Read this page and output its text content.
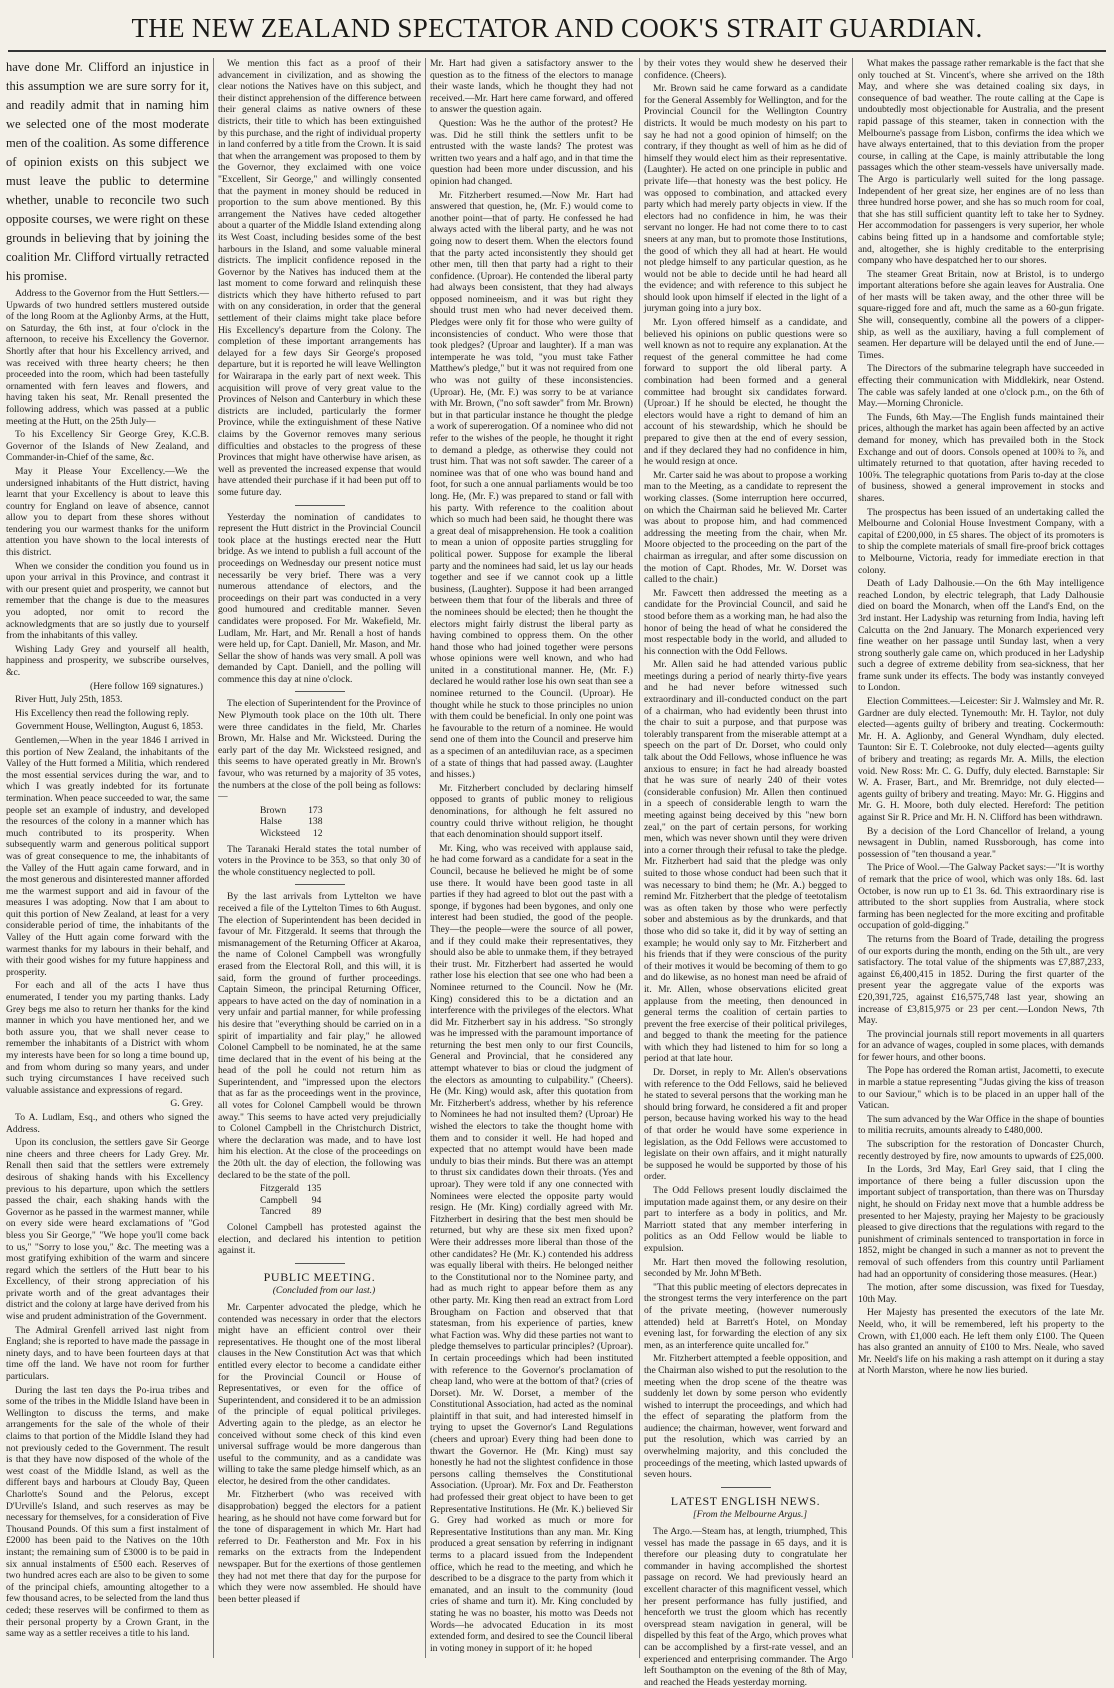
THE NEW ZEALAND SPECTATOR AND COOK'S STRAIT GUARDIAN.

have done Mr. Clifford an injustice in this assumption we are sure sorry for it, and readily admit that in naming him we selected one of the most moderate men of the coalition. As some difference of opinion exists on this subject we must leave the public to determine whether, unable to reconcile two such opposite courses, we were right on these grounds in believing that by joining the coalition Mr. Clifford virtually retracted his promise.

Address to the Governor from the Hutt Settlers.—Upwards of two hundred settlers mustered outside of the long Room at the Aglionby Arms, at the Hutt, on Saturday, the 6th inst, at four o'clock in the afternoon, to receive his Excellency the Governor. Shortly after that hour his Excellency arrived, and was received with three hearty cheers; he then proceeded into the room, which had been tastefully ornamented with fern leaves and flowers, and having taken his seat, Mr. Renall presented the following address, which was passed at a public meeting at the Hutt, on the 25th July—

To his Excellency Sir George Grey, K.C.B. Governor of the Islands of New Zealand, and Commander-in-Chief of the same, &c.

May it Please Your Excellency.—We the undersigned inhabitants of the Hutt district, having learnt that your Excellency is about to leave this country for England on leave of absence, cannot allow you to depart from these shores without tendering you our warmest thanks for the uniform attention you have shown to the local interests of this district.

When we consider the condition you found us in upon your arrival in this Province, and contrast it with our present quiet and prosperity, we cannot but remember that the change is due to the measures you adopted, nor omit to record the acknowledgments that are so justly due to yourself from the inhabitants of this valley.

Wishing Lady Grey and yourself all health, happiness and prosperity, we subscribe ourselves, &c.

(Here follow 169 signatures.)

River Hutt, July 25th, 1853.

His Excellency then read the following reply.

Government House, Wellington, August 6, 1853.

Gentlemen,—When in the year 1846 I arrived in this portion of New Zealand, the inhabitants of the Valley of the Hutt formed a Militia, which rendered the most essential services during the war, and to which I was greatly indebted for its fortunate termination. When peace succeeded to war, the same people set an example of industry, and developed the resources of the colony in a manner which has much contributed to its prosperity. When subsequently warm and generous political support was of great consequence to me, the inhabitants of the Valley of the Hutt again came forward, and in the most generous and disinterested manner afforded me the warmest support and aid in favour of the measures I was adopting. Now that I am about to quit this portion of New Zealand, at least for a very considerable period of time, the inhabitants of the Valley of the Hutt again come forward with the warmest thanks for my labours in their behalf, and with their good wishes for my future happiness and prosperity.

For each and all of the acts I have thus enumerated, I tender you my parting thanks. Lady Grey begs me also to return her thanks for the kind manner in which you have mentioned her, and we both assure you, that we shall never cease to remember the inhabitants of a District with whom my interests have been for so long a time bound up, and from whom during so many years, and under such trying circumstances I have received such valuable assistance and expressions of regard.

G. Grey.

To A. Ludlam, Esq., and others who signed the Address.

Upon its conclusion, the settlers gave Sir George nine cheers and three cheers for Lady Grey. Mr. Renall then said that the settlers were extremely desirous of shaking hands with his Excellency previous to his departure, upon which the settlers passed the chair, each shaking hands with the Governor as he passed in the warmest manner, while on every side were heard exclamations of "God bless you Sir George," "We hope you'll come back to us," "Sorry to lose you," &c. The meeting was a most gratifying exhibition of the warm and sincere regard which the settlers of the Hutt bear to his Excellency, of their strong appreciation of his private worth and of the great advantages their district and the colony at large have derived from his wise and prudent administration of the Government.

The Admiral Grenfell arrived last night from England; she is reported to have made the passage in ninety days, and to have been fourteen days at that time off the land. We have not room for further particulars.

During the last ten days the Po-irua tribes and some of the tribes in the Middle Island have been in Wellington to discuss the terms, and make arrangements for the sale of the whole of their claims to that portion of the Middle Island they had not previously ceded to the Government. The result is that they have now disposed of the whole of the west coast of the Middle Island, as well as the different bays and harbours at Cloudy Bay, Queen Charlotte's Sound and the Pelorus, except D'Urville's Island, and such reserves as may be necessary for themselves, for a consideration of Five Thousand Pounds. Of this sum a first instalment of £2000 has been paid to the Natives on the 10th instant; the remaining sum of £3000 is to be paid in six annual instalments of £500 each. Reserves of two hundred acres each are also to be given to some of the principal chiefs, amounting altogether to a few thousand acres, to be selected from the land thus ceded; these reserves will be confirmed to them as their personal property by a Crown Grant, in the same way as a settler receives a title to his land.

We mention this fact as a proof of their advancement in civilization, and as showing the clear notions the Natives have on this subject, and their distinct apprehension of the difference between their general claims as native owners of these districts, their title to which has been extinguished by this purchase, and the right of individual property in land conferred by a title from the Crown. It is said that when the arrangement was proposed to them by the Governor, they exclaimed with one voice "Excellent, Sir George," and willingly consented that the payment in money should be reduced in proportion to the sum above mentioned. By this arrangement the Natives have ceded altogether about a quarter of the Middle Island extending along its West Coast, including besides some of the best harbours in the Island, and some valuable mineral districts. The implicit confidence reposed in the Governor by the Natives has induced them at the last moment to come forward and relinquish these districts which they have hitherto refused to part with on any consideration, in order that the general settlement of their claims might take place before His Excellency's departure from the Colony. The completion of these important arrangements has delayed for a few days Sir George's proposed departure, but it is reported he will leave Wellington for Wairarapa in the early part of next week. This acquisition will prove of very great value to the Provinces of Nelson and Canterbury in which these districts are included, particularly the former Province, while the extinguishment of these Native claims by the Governor removes many serious difficulties and obstacles to the progress of these Provinces that might have otherwise have arisen, as well as prevented the increased expense that would have attended their purchase if it had been put off to some future day.

Yesterday the nomination of candidates to represent the Hutt district in the Provincial Council took place at the hustings erected near the Hutt bridge. As we intend to publish a full account of the proceedings on Wednesday our present notice must necessarily be very brief. There was a very numerous attendance of electors, and the proceedings on their part was conducted in a very good humoured and creditable manner. Seven candidates were proposed. For Mr. Wakefield, Mr. Ludlam, Mr. Hart, and Mr. Renall a host of hands were held up, for Capt. Daniell, Mr. Mason, and Mr. Sellar the show of hands was very small. A poll was demanded by Capt. Daniell, and the polling will commence this day at nine o'clock.

The election of Superintendent for the Province of New Plymouth took place on the 10th ult. There were three candidates in the field, Mr. Charles Brown, Mr. Halse and Mr. Wicksteed. During the early part of the day Mr. Wicksteed resigned, and this seems to have operated greatly in Mr. Brown's favour, who was returned by a majority of 35 votes, the numbers at the close of the poll being as follows:—

Brown	173
Halse	138
Wicksteed	12

The Taranaki Herald states the total number of voters in the Province to be 353, so that only 30 of the whole constituency neglected to poll.

By the last arrivals from Lyttelton we have received a file of the Lyttelton Times to 6th August. The election of Superintendent has been decided in favour of Mr. Fitzgerald. It seems that through the mismanagement of the Returning Officer at Akaroa, the name of Colonel Campbell was wrongfully erased from the Electoral Roll, and this will, it is said, form the ground of further proceedings. Captain Simeon, the principal Returning Officer, appears to have acted on the day of nomination in a very unfair and partial manner, for while professing his desire that "everything should be carried on in a spirit of impartiality and fair play," he allowed Colonel Campbell to be nominated, he at the same time declared that in the event of his being at the head of the poll he could not return him as Superintendent, and "impressed upon the electors that as far as the proceedings went in the province, all votes for Colonel Campbell would be thrown away." This seems to have acted very prejudicially to Colonel Campbell in the Christchurch District, where the declaration was made, and to have lost him his election. At the close of the proceedings on the 20th ult. the day of election, the following was declared to be the state of the poll.

Fitzgerald	135
Campbell	94
Tancred	89

Colonel Campbell has protested against the election, and declared his intention to petition against it.

PUBLIC MEETING.

(Concluded from our last.)

Mr. Carpenter advocated the pledge, which he contended was necessary in order that the electors might have an efficient control over their representatives. He thought one of the most liberal clauses in the New Constitution Act was that which entitled every elector to become a candidate either for the Provincial Council or House of Representatives, or even for the office of Superintendent, and considered it to be an admission of the principle of equal political privileges. Adverting again to the pledge, as an elector he conceived without some check of this kind even universal suffrage would be more dangerous than useful to the community, and as a candidate was willing to take the same pledge himself which, as an elector, he desired from the other candidates.

Mr. Fitzherbert (who was received with disapprobation) begged the electors for a patient hearing, as he should not have come forward but for the tone of disparagement in which Mr. Hart had referred to Dr. Featherston and Mr. Fox in his remarks on the extracts from the Independent newspaper. But for the exertions of those gentlemen they had not met there that day for the purpose for which they were now assembled. He should have been better pleased if

Mr. Hart had given a satisfactory answer to the question as to the fitness of the electors to manage their waste lands, which he thought they had not received.—Mr. Hart here came forward, and offered to answer the question again.

Question: Was he the author of the protest? He was. Did he still think the settlers unfit to be entrusted with the waste lands? The protest was written two years and a half ago, and in that time the question had been more under discussion, and his opinion had changed.

Mr. Fitzherbert resumed.—Now Mr. Hart had answered that question, he, (Mr. F.) would come to another point—that of party. He confessed he had always acted with the liberal party, and he was not going now to desert them. When the electors found that the party acted inconsistently they should get other men, till then that party had a right to their confidence. (Uproar). He contended the liberal party had always been consistent, that they had always opposed nomineeism, and it was but right they should trust men who had never deceived them. Pledges were only fit for those who were guilty of inconsistencies of conduct. Who were those that took pledges? (Uproar and laughter). If a man was intemperate he was told, "you must take Father Matthew's pledge," but it was not required from one who was not guilty of these inconsistencies. (Uproar). He, (Mr. F.) was sorry to be at variance with Mr. Brown, ("no soft sawder" from Mr. Brown) but in that particular instance he thought the pledge a work of supererogation. Of a nominee who did not refer to the wishes of the people, he thought it right to demand a pledge, as otherwise they could not trust him. That was not soft sawder. The career of a nominee was that of one who was bound hand and foot, for such a one annual parliaments would be too long. He, (Mr. F.) was prepared to stand or fall with his party. With reference to the coalition about which so much had been said, he thought there was a great deal of misapprehension. He took a coalition to mean a union of opposite parties struggling for political power. Suppose for example the liberal party and the nominees had said, let us lay our heads together and see if we cannot cook up a little business, (Laughter). Suppose it had been arranged between them that four of the liberals and three of the nominees should be elected; then he thought the electors might fairly distrust the liberal party as having combined to oppress them. On the other hand those who had joined together were persons whose opinions were well known, and who had united in a constitutional manner. He, (Mr. F.) declared he would rather lose his own seat than see a nominee returned to the Council. (Uproar). He thought while he stuck to those principles no union with them could be beneficial. In only one point was he favourable to the return of a nominee. He would send one of them into the Council and preserve him as a specimen of an antediluvian race, as a specimen of a state of things that had passed away. (Laughter and hisses.)

Mr. Fitzherbert concluded by declaring himself opposed to grants of public money to religious denominations, for although he felt assured no country could thrive without religion, he thought that each denomination should support itself.

Mr. King, who was received with applause said, he had come forward as a candidate for a seat in the Council, because he believed he might be of some use there. It would have been good taste in all parties if they had agreed to blot out the past with a sponge, if bygones had been bygones, and only one interest had been studied, the good of the people. They—the people—were the source of all power, and if they could make their representatives, they should also be able to unmake them, if they betrayed their trust. Mr. Fitzherbert had asserted he would rather lose his election that see one who had been a Nominee returned to the Council. Now he (Mr. King) considered this to be a dictation and an interference with the privileges of the electors. What did Mr. Fitzherbert say in his address. "So strongly was he impressed with the paramount importance of returning the best men only to our first Councils, General and Provincial, that he considered any attempt whatever to bias or cloud the judgment of the electors as amounting to culpability." (Cheers). He (Mr. King) would ask, after this quotation from Mr. Fitzherbert's address, whether by his reference to Nominees he had not insulted them? (Uproar) He wished the electors to take the thought home with them and to consider it well. He had hoped and expected that no attempt would have been made unduly to bias their minds. But there was an attempt to thrust six candidates down their throats. (Yes and uproar). They were told if any one connected with Nominees were elected the opposite party would resign. He (Mr. King) cordially agreed with Mr. Fitzherbert in desiring that the best men should be returned, but why are these six men fixed upon? Were their addresses more liberal than those of the other candidates? He (Mr. K.) contended his address was equally liberal with theirs. He belonged neither to the Constitutional nor to the Nominee party, and had as much right to appear before them as any other party. Mr. King then read an extract from Lord Brougham on Faction and observed that that statesman, from his experience of parties, knew what Faction was. Why did these parties not want to pledge themselves to particular principles? (Uproar). In certain proceedings which had been instituted with reference to the Governor's proclamation of cheap land, who were at the bottom of that? (cries of Dorset). Mr. W. Dorset, a member of the Constitutional Association, had acted as the nominal plaintiff in that suit, and had interested himself in trying to upset the Governor's Land Regulations (cheers and uproar) Every thing had been done to thwart the Governor. He (Mr. King) must say honestly he had not the slightest confidence in those persons calling themselves the Constitutional Association. (Uproar). Mr. Fox and Dr. Featherston had professed their great object to have been to get Representative Institutions. He (Mr. K.) believed Sir G. Grey had worked as much or more for Representative Institutions than any man. Mr. King produced a great sensation by referring in indignant terms to a placard issued from the Independent office, which he read to the meeting, and which he described to be a disgrace to the party from which it emanated, and an insult to the community (loud cries of shame and turn it). Mr. King concluded by stating he was no boaster, his motto was Deeds not Words—he advocated Education in its most extended form, and desired to see the Council liberal in voting money in support of it: he hoped

by their votes they would shew he deserved their confidence. (Cheers).

Mr. Brown said he came forward as a candidate for the General Assembly for Wellington, and for the Provincial Council for the Wellington Country districts. It would be much modesty on his part to say he had not a good opinion of himself; on the contrary, if they thought as well of him as he did of himself they would elect him as their representative. (Laughter). He acted on one principle in public and private life—that honesty was the best policy. He was opposed to combination, and attacked every party which had merely party objects in view. If the electors had no confidence in him, he was their servant no longer. He had not come there to to cast sneers at any man, but to promote those Institutions, the good of which they all had at heart. He would not pledge himself to any particular question, as he would not be able to decide until he had heard all the evidence; and with reference to this subject he should look upon himself if elected in the light of a juryman going into a jury box.

Mr. Lyon offered himself as a candidate, and believed his opinions on public questions were so well known as not to require any explanation. At the request of the general committee he had come forward to support the old liberal party. A combination had been formed and a general committee had brought six candidates forward. (Uproar.) If he should be elected, he thought the electors would have a right to demand of him an account of his stewardship, which he should be prepared to give then at the end of every session, and if they declared they had no confidence in him, he would resign at once.

Mr. Carter said he was about to propose a working man to the Meeting, as a candidate to represent the working classes. (Some interruption here occurred, on which the Chairman said he believed Mr. Carter was about to propose him, and had commenced addressing the meeting from the chair, when Mr. Moore objected to the proceeding on the part of the chairman as irregular, and after some discussion on the motion of Capt. Rhodes, Mr. W. Dorset was called to the chair.)

Mr. Fawcett then addressed the meeting as a candidate for the Provincial Council, and said he stood before them as a working man, he had also the honor of being the head of what he considered the most respectable body in the world, and alluded to his connection with the Odd Fellows.

Mr. Allen said he had attended various public meetings during a period of nearly thirty-five years and he had never before witnessed such extraordinary and ill-conducted conduct on the part of a chairman, who had evidently been thrust into the chair to suit a purpose, and that purpose was tolerably transparent from the miserable attempt at a speech on the part of Dr. Dorset, who could only talk about the Odd Fellows, whose influence he was anxious to ensure; in fact he had already boasted that he was sure of nearly 240 of their votes (considerable confusion) Mr. Allen then continued in a speech of considerable length to warn the meeting against being deceived by this "new born zeal," on the part of certain persons, for working men, which was never shown until they were driven into a corner through their refusal to take the pledge. Mr. Fitzherbert had said that the pledge was only suited to those whose conduct had been such that it was necessary to bind them; he (Mr. A.) begged to remind Mr. Fitzherbert that the pledge of teetotalism was as often taken by those who were perfectly sober and abstemious as by the drunkards, and that those who did so take it, did it by way of setting an example; he would only say to Mr. Fitzherbert and his friends that if they were conscious of the purity of their motives it would be becoming of them to go and do likewise, as no honest man need be afraid of it. Mr. Allen, whose observations elicited great applause from the meeting, then denounced in general terms the coalition of certain parties to prevent the free exercise of their political privileges, and begged to thank the meeting for the patience with which they had listened to him for so long a period at that late hour.

Dr. Dorset, in reply to Mr. Allen's observations with reference to the Odd Fellows, said he believed he stated to several persons that the working man he should bring forward, he considered a fit and proper person, because having worked his way to the head of that order he would have some experience in legislation, as the Odd Fellows were accustomed to legislate on their own affairs, and it might naturally be supposed he would be supported by those of his order.

The Odd Fellows present loudly disclaimed the imputation made against them, or any desire on their part to interfere as a body in politics, and Mr. Marriott stated that any member interfering in politics as an Odd Fellow would be liable to expulsion.

Mr. Hart then moved the following resolution, seconded by Mr. John M'Beth.

"That this public meeting of electors deprecates in the strongest terms the very interference on the part of the private meeting, (however numerously attended) held at Barrett's Hotel, on Monday evening last, for forwarding the election of any six men, as an interference quite uncalled for."

Mr. Fitzherbert attempted a feeble opposition, and the Chairman also wished to put the resolution to the meeting when the drop scene of the theatre was suddenly let down by some person who evidently wished to interrupt the proceedings, and which had the effect of separating the platform from the audience; the chairman, however, went forward and put the resolution, which was carried by an overwhelming majority, and this concluded the proceedings of the meeting, which lasted upwards of seven hours.

LATEST ENGLISH NEWS.

[From the Melbourne Argus.]

The Argo.—Steam has, at length, triumphed, This vessel has made the passage in 65 days, and it is therefore our pleasing duty to congratulate her commander in having accomplished the shortest passage on record. We had previously heard an excellent character of this magnificent vessel, which her present performance has fully justified, and henceforth we trust the gloom which has recently overspread steam navigation in general, will be dispelled by this feat of the Argo, which proves what can be accomplished by a first-rate vessel, and an experienced and enterprising commander. The Argo left Southampton on the evening of the 8th of May, and reached the Heads yesterday morning.

What makes the passage rather remarkable is the fact that she only touched at St. Vincent's, where she arrived on the 18th May, and where she was detained coaling six days, in consequence of bad weather. The route calling at the Cape is undoubtedly most objectionable for Australia, and the present rapid passage of this steamer, taken in connection with the Melbourne's passage from Lisbon, confirms the idea which we have always entertained, that to this deviation from the proper course, in calling at the Cape, is mainly attributable the long passages which the other steam-vessels have universally made. The Argo is particularly well suited for the long passage. Independent of her great size, her engines are of no less than three hundred horse power, and she has so much room for coal, that she has still sufficient quantity left to take her to Sydney. Her accommodation for passengers is very superior, her whole cabins being fitted up in a handsome and comfortable style; and, altogether, she is highly creditable to the enterprising company who have despatched her to our shores.

The steamer Great Britain, now at Bristol, is to undergo important alterations before she again leaves for Australia. One of her masts will be taken away, and the other three will be square-rigged fore and aft, much the same as a 60-gun frigate. She will, consequently, combine all the powers of a clipper-ship, as well as the auxiliary, having a full complement of seamen. Her departure will be delayed until the end of June.—Times.

The Directors of the submarine telegraph have succeeded in effecting their communication with Middlekirk, near Ostend. The cable was safely landed at one o'clock p.m., on the 6th of May.—Morning Chronicle.

The Funds, 6th May.—The English funds maintained their prices, although the market has again been affected by an active demand for money, which has prevailed both in the Stock Exchange and out of doors. Consols opened at 100¾ to ⅞, and ultimately returned to that quotation, after having receded to 100⅝. The telegraphic quotations from Paris to-day at the close of business, showed a general improvement in stocks and shares.

The prospectus has been issued of an undertaking called the Melbourne and Colonial House Investment Company, with a capital of £200,000, in £5 shares. The object of its promoters is to ship the complete materials of small fire-proof brick cottages to Melbourne, Victoria, ready for immediate erection in that colony.

Death of Lady Dalhousie.—On the 6th May intelligence reached London, by electric telegraph, that Lady Dalhousie died on board the Monarch, when off the Land's End, on the 3rd instant. Her Ladyship was returning from India, having left Calcutta on the 2nd January. The Monarch experienced very fine weather on her passage until Sunday last, when a very strong southerly gale came on, which produced in her Ladyship such a degree of extreme debility from sea-sickness, that her frame sunk under its effects. The body was instantly conveyed to London.

Election Committees.—Leicester: Sir J. Walmsley and Mr. R. Gardner are duly elected. Tynemouth: Mr. H. Taylor, not duly elected—agents guilty of bribery and treating. Cockermouth: Mr. H. A. Aglionby, and General Wyndham, duly elected. Taunton: Sir E. T. Colebrooke, not duly elected—agents guilty of bribery and treating; as regards Mr. A. Mills, the election void. New Ross: Mr. C. G. Duffy, duly elected. Barnstaple: Sir W. A. Fraser, Bart., and Mr. Bremridge, not duly elected—agents guilty of bribery and treating. Mayo: Mr. G. Higgins and Mr. G. H. Moore, both duly elected. Hereford: The petition against Sir R. Price and Mr. H. N. Clifford has been withdrawn.

By a decision of the Lord Chancellor of Ireland, a young newsagent in Dublin, named Russborough, has come into possession of "ten thousand a year."

The Price of Wool.—The Galway Packet says:—"It is worthy of remark that the price of wool, which was only 18s. 6d. last October, is now run up to £1 3s. 6d. This extraordinary rise is attributed to the short supplies from Australia, where stock farming has been neglected for the more exciting and profitable occupation of gold-digging."

The returns from the Board of Trade, detailing the progress of our exports during the month, ending on the 5th ult., are very satisfactory. The total value of the shipments was £7,887,233, against £6,400,415 in 1852. During the first quarter of the present year the aggregate value of the exports was £20,391,725, against £16,575,748 last year, showing an increase of £3,815,975 or 23 per cent.—London News, 7th May.

The provincial journals still report movements in all quarters for an advance of wages, coupled in some places, with demands for fewer hours, and other boons.

The Pope has ordered the Roman artist, Jacometti, to execute in marble a statue representing "Judas giving the kiss of treason to our Saviour," which is to be placed in an upper hall of the Vatican.

The sum advanced by the War Office in the shape of bounties to militia recruits, amounts already to £480,000.

The subscription for the restoration of Doncaster Church, recently destroyed by fire, now amounts to upwards of £25,000.

In the Lords, 3rd May, Earl Grey said, that I cling the importance of there being a fuller discussion upon the important subject of transportation, than there was on Thursday night, he should on Friday next move that a humble address be presented to her Majesty, praying her Majesty to be graciously pleased to give directions that the regulations with regard to the punishment of criminals sentenced to transportation in force in 1852, might be changed in such a manner as not to prevent the removal of such offenders from this country until Parliament had had an opportunity of considering those measures. (Hear.)

The motion, after some discussion, was fixed for Tuesday, 10th May.

Her Majesty has presented the executors of the late Mr. Neeld, who, it will be remembered, left his property to the Crown, with £1,000 each. He left them only £100. The Queen has also granted an annuity of £100 to Mrs. Neale, who saved Mr. Neeld's life on his making a rash attempt on it during a stay at North Marston, where he now lies buried.
